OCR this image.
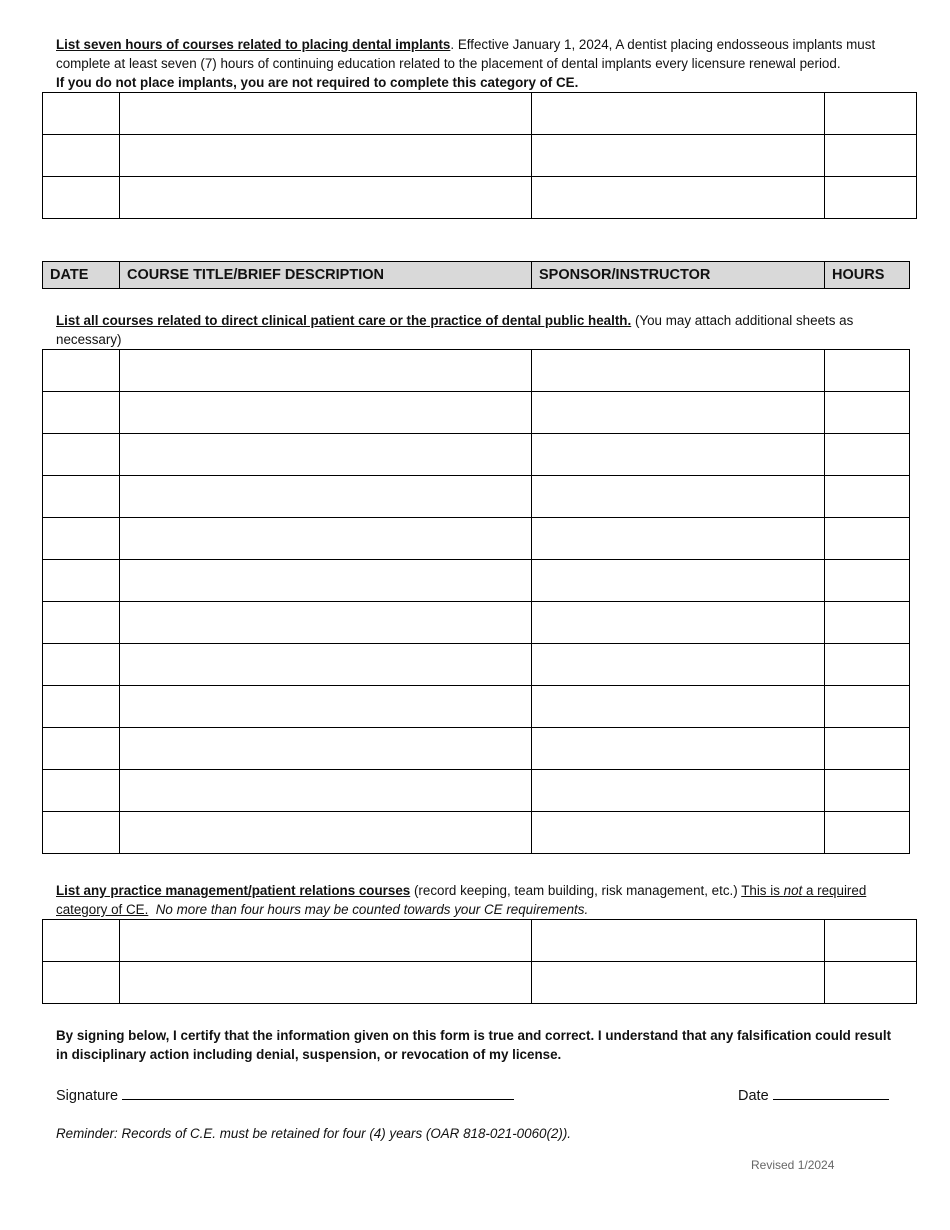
List seven hours of courses related to placing dental implants. Effective January 1, 2024, A dentist placing endosseous implants must complete at least seven (7) hours of continuing education related to the placement of dental implants every licensure renewal period.
If you do not place implants, you are not required to complete this category of CE.

DATE	COURSE TITLE/BRIEF DESCRIPTION	SPONSOR/INSTRUCTOR	HOURS
List all courses related to direct clinical patient care or the practice of dental public health. (You may attach additional sheets as necessary)

List any practice management/patient relations courses (record keeping, team building, risk management, etc.) This is not a required category of CE. No more than four hours may be counted towards your CE requirements.

By signing below, I certify that the information given on this form is true and correct. I understand that any falsification could result in disciplinary action including denial, suspension, or revocation of my license.
Signature	Date
Reminder: Records of C.E. must be retained for four (4) years (OAR 818-021-0060(2)).
Revised 1/2024
